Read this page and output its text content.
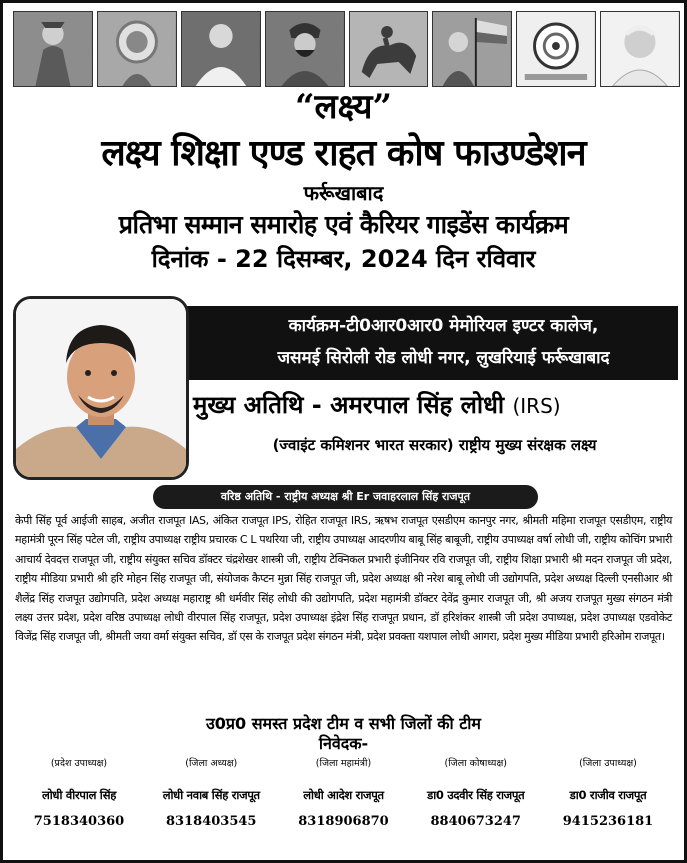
“लक्ष्य”
लक्ष्य शिक्षा एण्ड राहत कोष फाउण्डेशन
फर्रूखाबाद
प्रतिभा सम्मान समारोह एवं कैरियर गाइडेंस कार्यक्रम
दिनांक - 22 दिसम्बर, 2024 दिन रविवार
कार्यक्रम-टी0आर0आर0 मेमोरियल इण्टर कालेज,
जसमई सिरोली रोड लोधी नगर, लुखरियाई फर्रूखाबाद
मुख्य अतिथि - अमरपाल सिंह लोधी (IRS)
(ज्वाइंट कमिशनर भारत सरकार) राष्ट्रीय मुख्य संरक्षक लक्ष्य
वरिष्ठ अतिथि - राष्ट्रीय अध्यक्ष श्री Er जवाहरलाल सिंह राजपूत
केपी सिंह पूर्व आईजी साहब, अजीत राजपूत IAS, अंकित राजपूत IPS, रोहित राजपूत IRS, ऋषभ राजपूत एसडीएम कानपुर नगर, श्रीमती महिमा राजपूत एसडीएम, राष्ट्रीय महामंत्री पूरन सिंह पटेल जी, राष्ट्रीय उपाध्यक्ष राष्ट्रीय प्रचारक C L पथरिया जी, राष्ट्रीय उपाध्यक्ष आदरणीय बाबू सिंह बाबूजी, राष्ट्रीय उपाध्यक्ष वर्षा लोधी जी, राष्ट्रीय कोचिंग प्रभारी आचार्य देवदत्त राजपूत जी, राष्ट्रीय संयुक्त सचिव डॉक्टर चंद्रशेखर शास्त्री जी, राष्ट्रीय टेक्निकल प्रभारी इंजीनियर रवि राजपूत जी, राष्ट्रीय शिक्षा प्रभारी श्री मदन राजपूत जी प्रदेश, राष्ट्रीय मीडिया प्रभारी श्री हरि मोहन सिंह राजपूत जी, संयोजक कैप्टन मुन्ना सिंह राजपूत जी, प्रदेश अध्यक्ष श्री नरेश बाबू लोधी जी उद्योगपति, प्रदेश अध्यक्ष दिल्ली एनसीआर श्री शैलेंद्र सिंह राजपूत उद्योगपति, प्रदेश अध्यक्ष महाराष्ट्र श्री धर्मवीर सिंह लोधी की उद्योगपति, प्रदेश महामंत्री डॉक्टर देवेंद्र कुमार राजपूत जी, श्री अजय राजपूत मुख्य संगठन मंत्री लक्ष्य उत्तर प्रदेश, प्रदेश वरिष्ठ उपाध्यक्ष लोधी वीरपाल सिंह राजपूत, प्रदेश उपाध्यक्ष इंद्रेश सिंह राजपूत प्रधान, डॉ हरिशंकर शास्त्री जी प्रदेश उपाध्यक्ष, प्रदेश उपाध्यक्ष एडवोकेट विजेंद्र सिंह राजपूत जी, श्रीमती जया वर्मा संयुक्त सचिव, डॉ एस के राजपूत प्रदेश संगठन मंत्री, प्रदेश प्रवक्ता यशपाल लोधी आगरा, प्रदेश मुख्य मीडिया प्रभारी हरिओम राजपूत।
उ0प्र0 समस्त प्रदेश टीम व सभी जिलों की टीम
निवेदक-
(प्रदेश उपाध्यक्ष)
लोधी वीरपाल सिंह
7518340360
(जिला अध्यक्ष)
लोधी नवाब सिंह राजपूत
8318403545
(जिला महामंत्री)
लोधी आदेश राजपूत
8318906870
(जिला कोषाध्यक्ष)
डा0 उदवीर सिंह राजपूत
8840673247
(जिला उपाध्यक्ष)
डा0 राजीव राजपूत
9415236181
